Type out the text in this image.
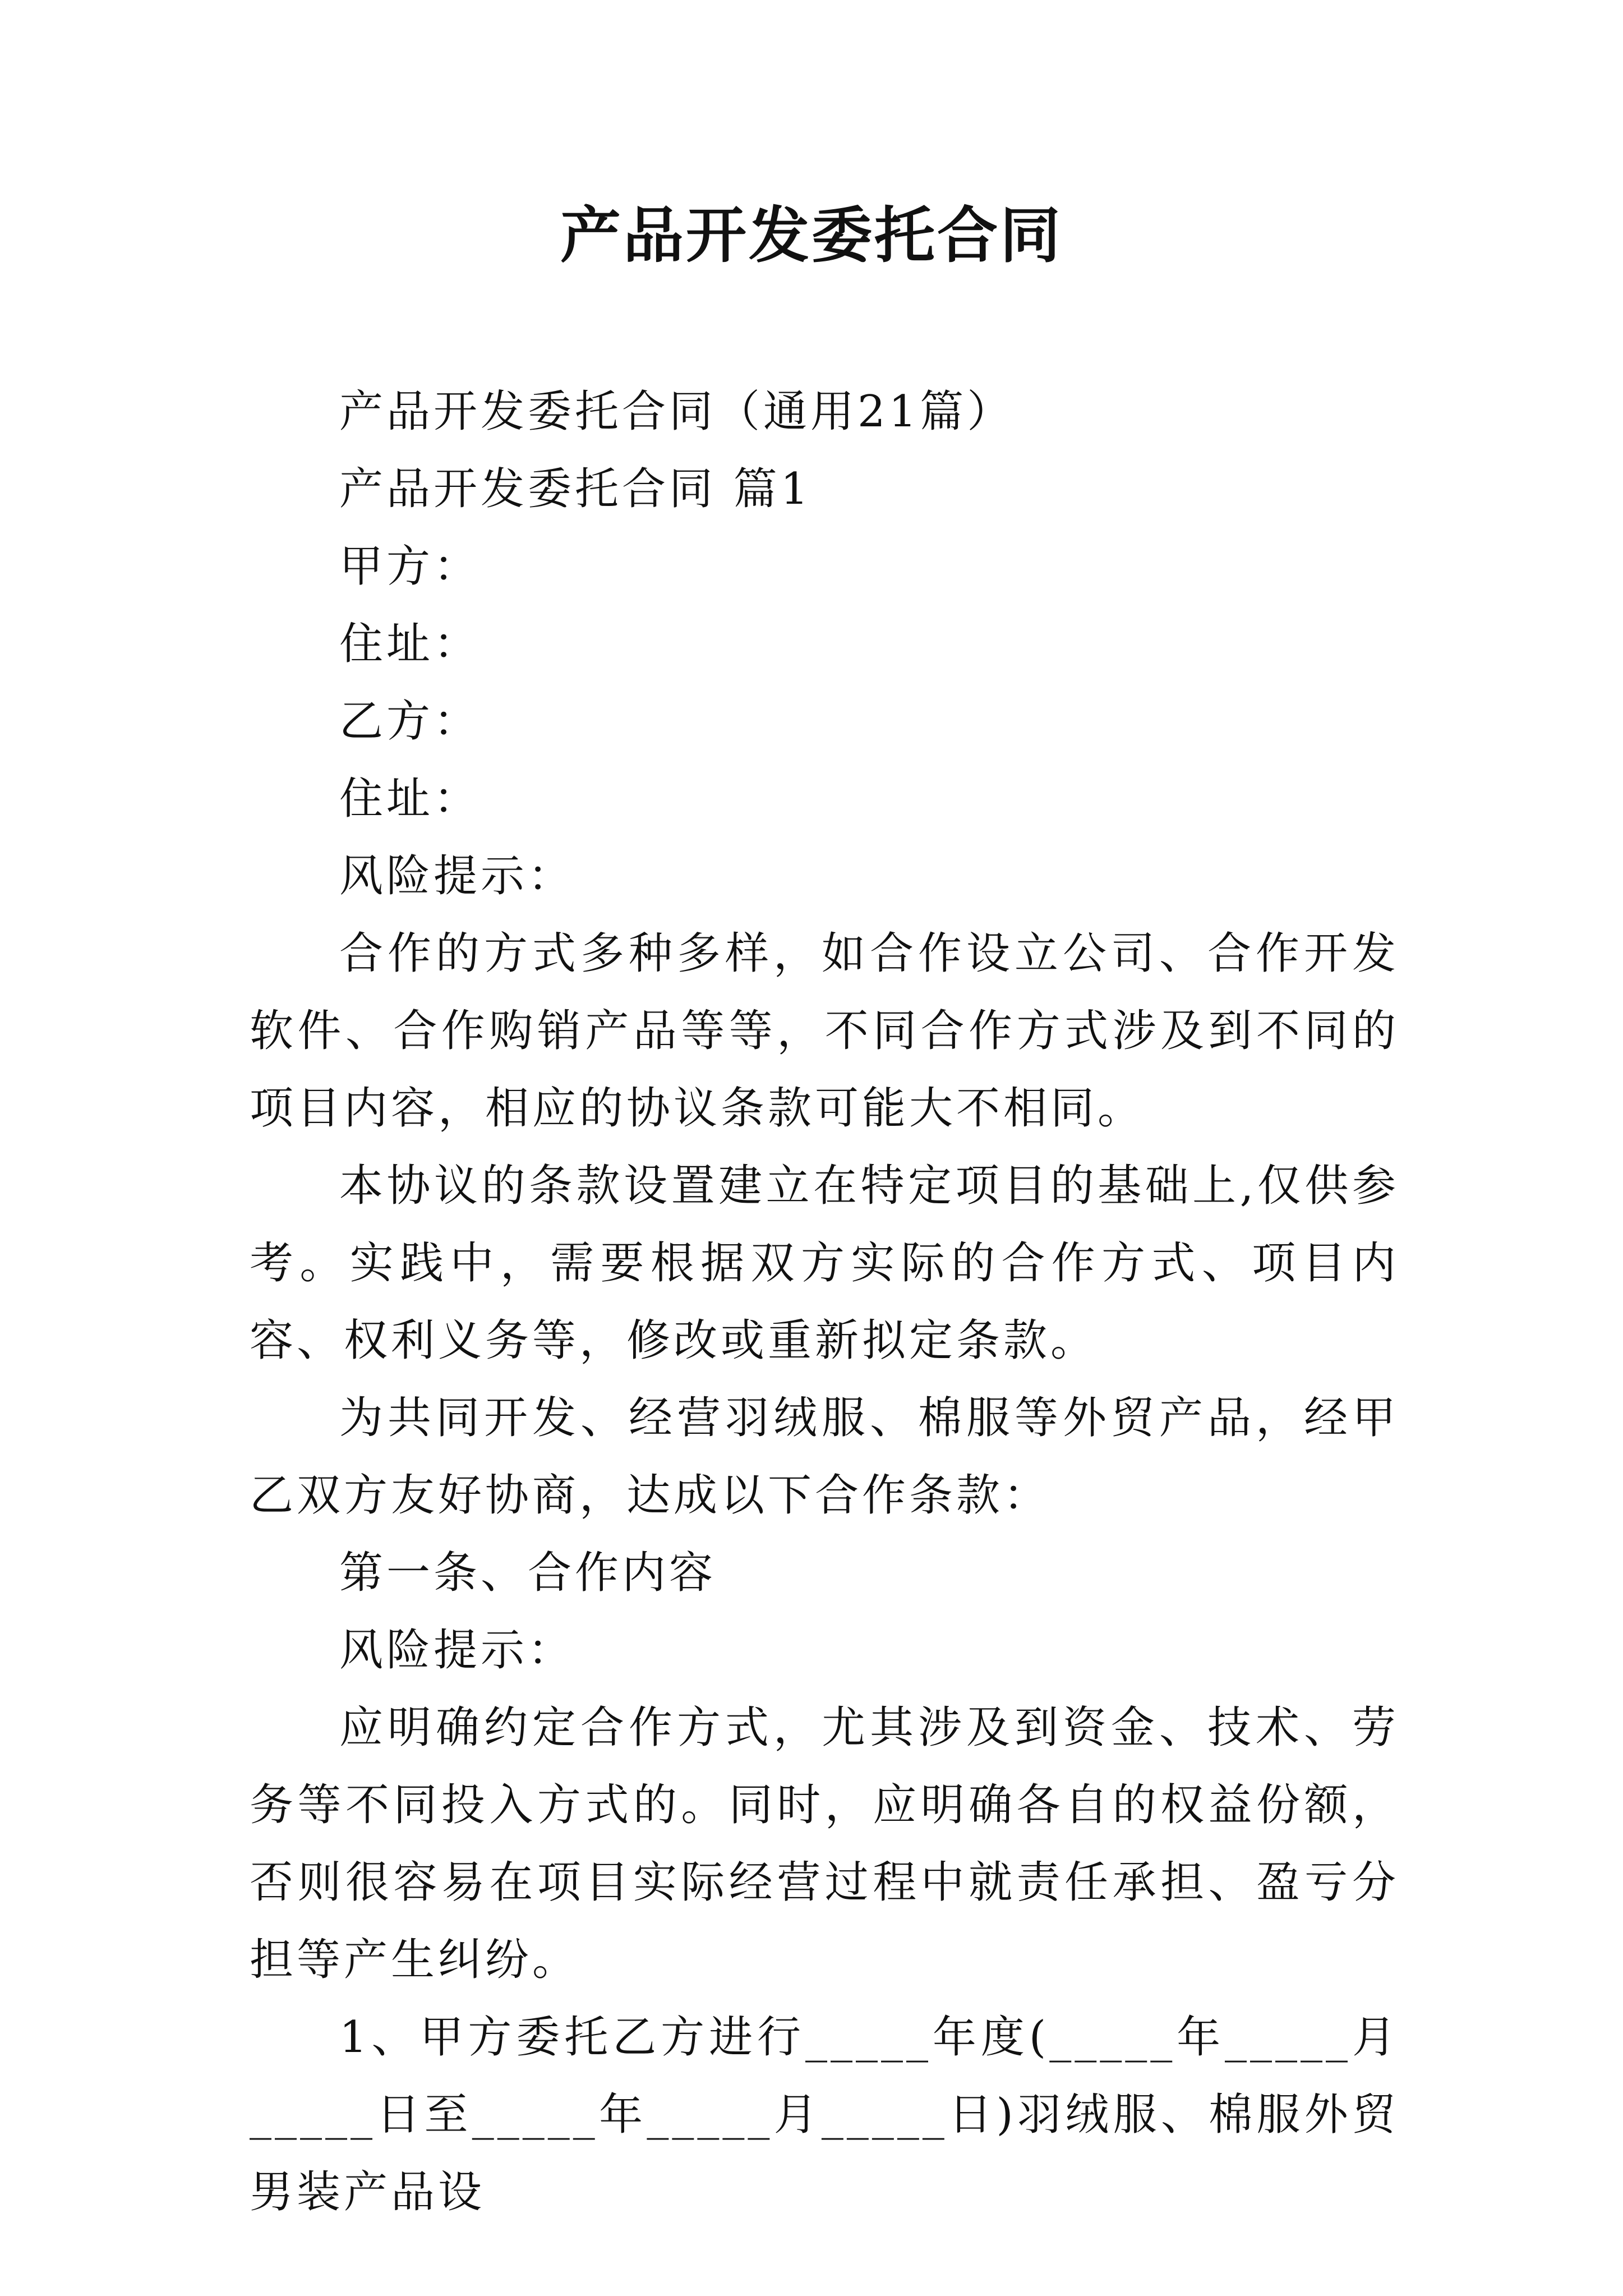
产品开发委托合同

产品开发委托合同（通用21篇）

产品开发委托合同 篇1

甲方：

住址：

乙方：

住址：

风险提示：

合作的方式多种多样，如合作设立公司、合作开发软件、合作购销产品等等，不同合作方式涉及到不同的项目内容，相应的协议条款可能大不相同。

本协议的条款设置建立在特定项目的基础上,仅供参考。实践中，需要根据双方实际的合作方式、项目内容、权利义务等，修改或重新拟定条款。

为共同开发、经营羽绒服、棉服等外贸产品，经甲乙双方友好协商，达成以下合作条款：

第一条、合作内容

风险提示：

应明确约定合作方式，尤其涉及到资金、技术、劳务等不同投入方式的。同时，应明确各自的权益份额，否则很容易在项目实际经营过程中就责任承担、盈亏分担等产生纠纷。

1、甲方委托乙方进行_____年度(_____年_____月_____日至_____年_____月_____日)羽绒服、棉服外贸男装产品设
